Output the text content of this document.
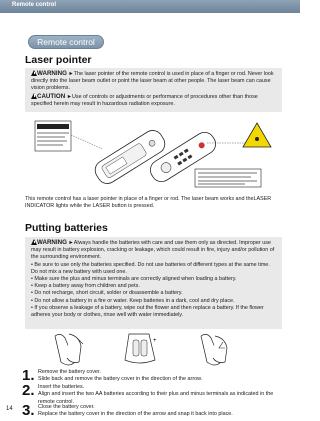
Remote control
Remote control
Laser pointer
WARNING ►The laser pointer of the remote control is used in place of a finger or rod. Never look directly into the laser beam outlet or point the laser beam at other people. The laser beam can cause vision problems.

CAUTION ►Use of controls or adjustments or performance of procedures other than those specified herein may result in hazardous radiation exposure.
This remote control has a laser pointer in place of a finger or rod. The laser beam works and theLASER INDICATOR lights while the LASER button is pressed.
Putting batteries
WARNING ►Always handle the batteries with care and use them only as directed. Improper use may result in battery explosion, cracking or leakage, which could result in fire, injury and/or pollution of the surrounding environment.
• Be sure to use only the batteries specified. Do not use batteries of different types at the same time. Do not mix a new battery with used one.
• Make sure the plus and minus terminals are correctly aligned when loading a battery.
• Keep a battery away from children and pets.
• Do not recharge, short circuit, solder or disassemble a battery.
• Do not allow a battery in a fire or water. Keep batteries in a dark, cool and dry place.
• If you observe a leakage of a battery, wipe out the flower and then replace a battery. If the flower adheres your body or clothes, rinse well with water immediately.
+
1. Remove the battery cover.
Slide back and remove the battery cover in the direction of the arrow.
2. Insert the batteries.
Align and insert the two AA batteries according to their plus and minus terminals as indicated in the remote control.
3. Close the battery cover.
Replace the battery cover in the direction of the arrow and snap it back into place.
14
